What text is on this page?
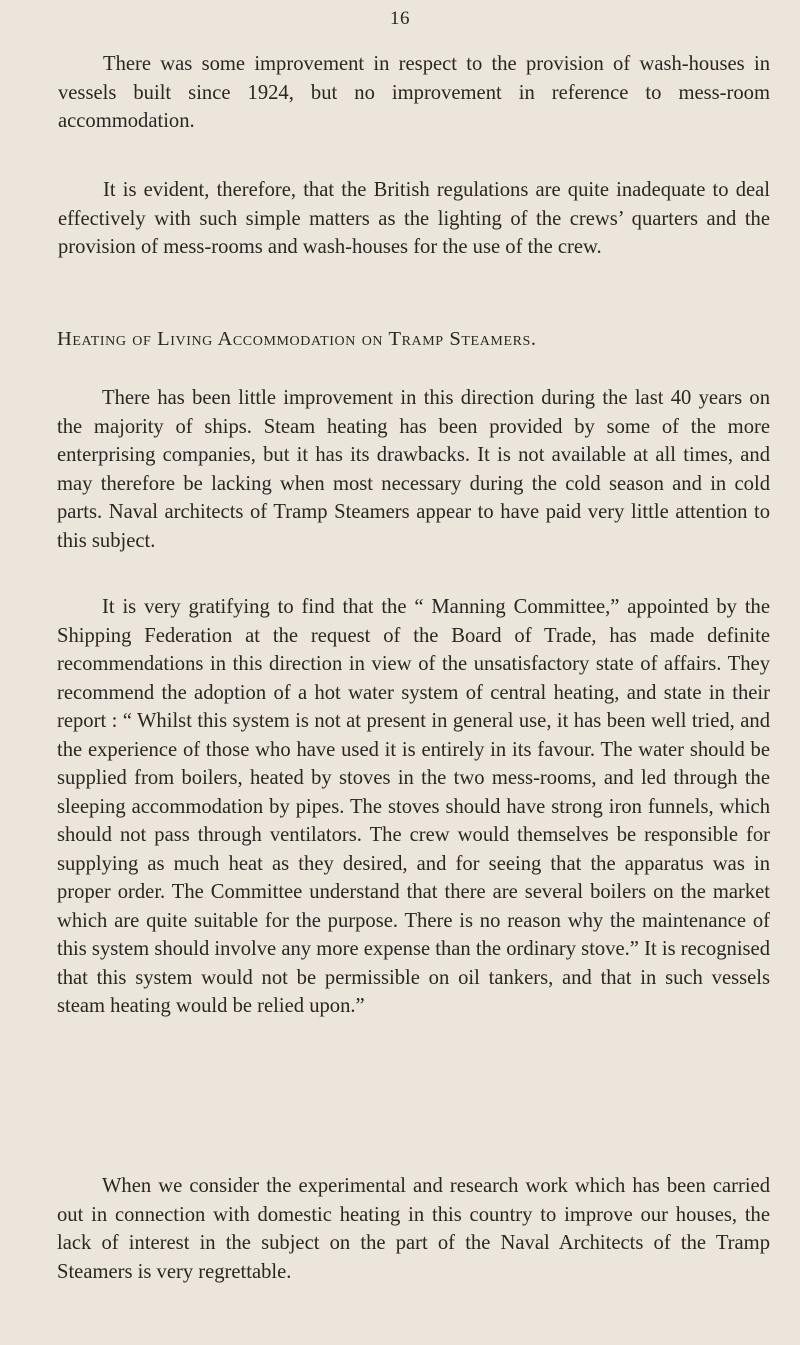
16

There was some improvement in respect to the provision of wash-houses in vessels built since 1924, but no improvement in reference to mess-room accommodation.

It is evident, therefore, that the British regulations are quite inadequate to deal effectively with such simple matters as the lighting of the crews’ quarters and the provision of mess-rooms and wash-houses for the use of the crew.

Heating of Living Accommodation on Tramp Steamers.

There has been little improvement in this direction during the last 40 years on the majority of ships. Steam heating has been provided by some of the more enterprising companies, but it has its drawbacks. It is not available at all times, and may therefore be lacking when most necessary during the cold season and in cold parts. Naval architects of Tramp Steamers appear to have paid very little attention to this subject.

It is very gratifying to find that the “ Manning Committee,” appointed by the Shipping Federation at the request of the Board of Trade, has made definite recommendations in this direction in view of the unsatisfactory state of affairs. They recommend the adoption of a hot water system of central heating, and state in their report : “ Whilst this system is not at present in general use, it has been well tried, and the experience of those who have used it is entirely in its favour. The water should be supplied from boilers, heated by stoves in the two mess-rooms, and led through the sleeping accommodation by pipes. The stoves should have strong iron funnels, which should not pass through ventilators. The crew would themselves be responsible for supplying as much heat as they desired, and for seeing that the apparatus was in proper order. The Committee understand that there are several boilers on the market which are quite suitable for the purpose. There is no reason why the maintenance of this system should involve any more expense than the ordinary stove.” It is recognised that this system would not be permissible on oil tankers, and that in such vessels steam heating would be relied upon.”

When we consider the experimental and research work which has been carried out in connection with domestic heating in this country to improve our houses, the lack of interest in the subject on the part of the Naval Architects of the Tramp Steamers is very regrettable.
